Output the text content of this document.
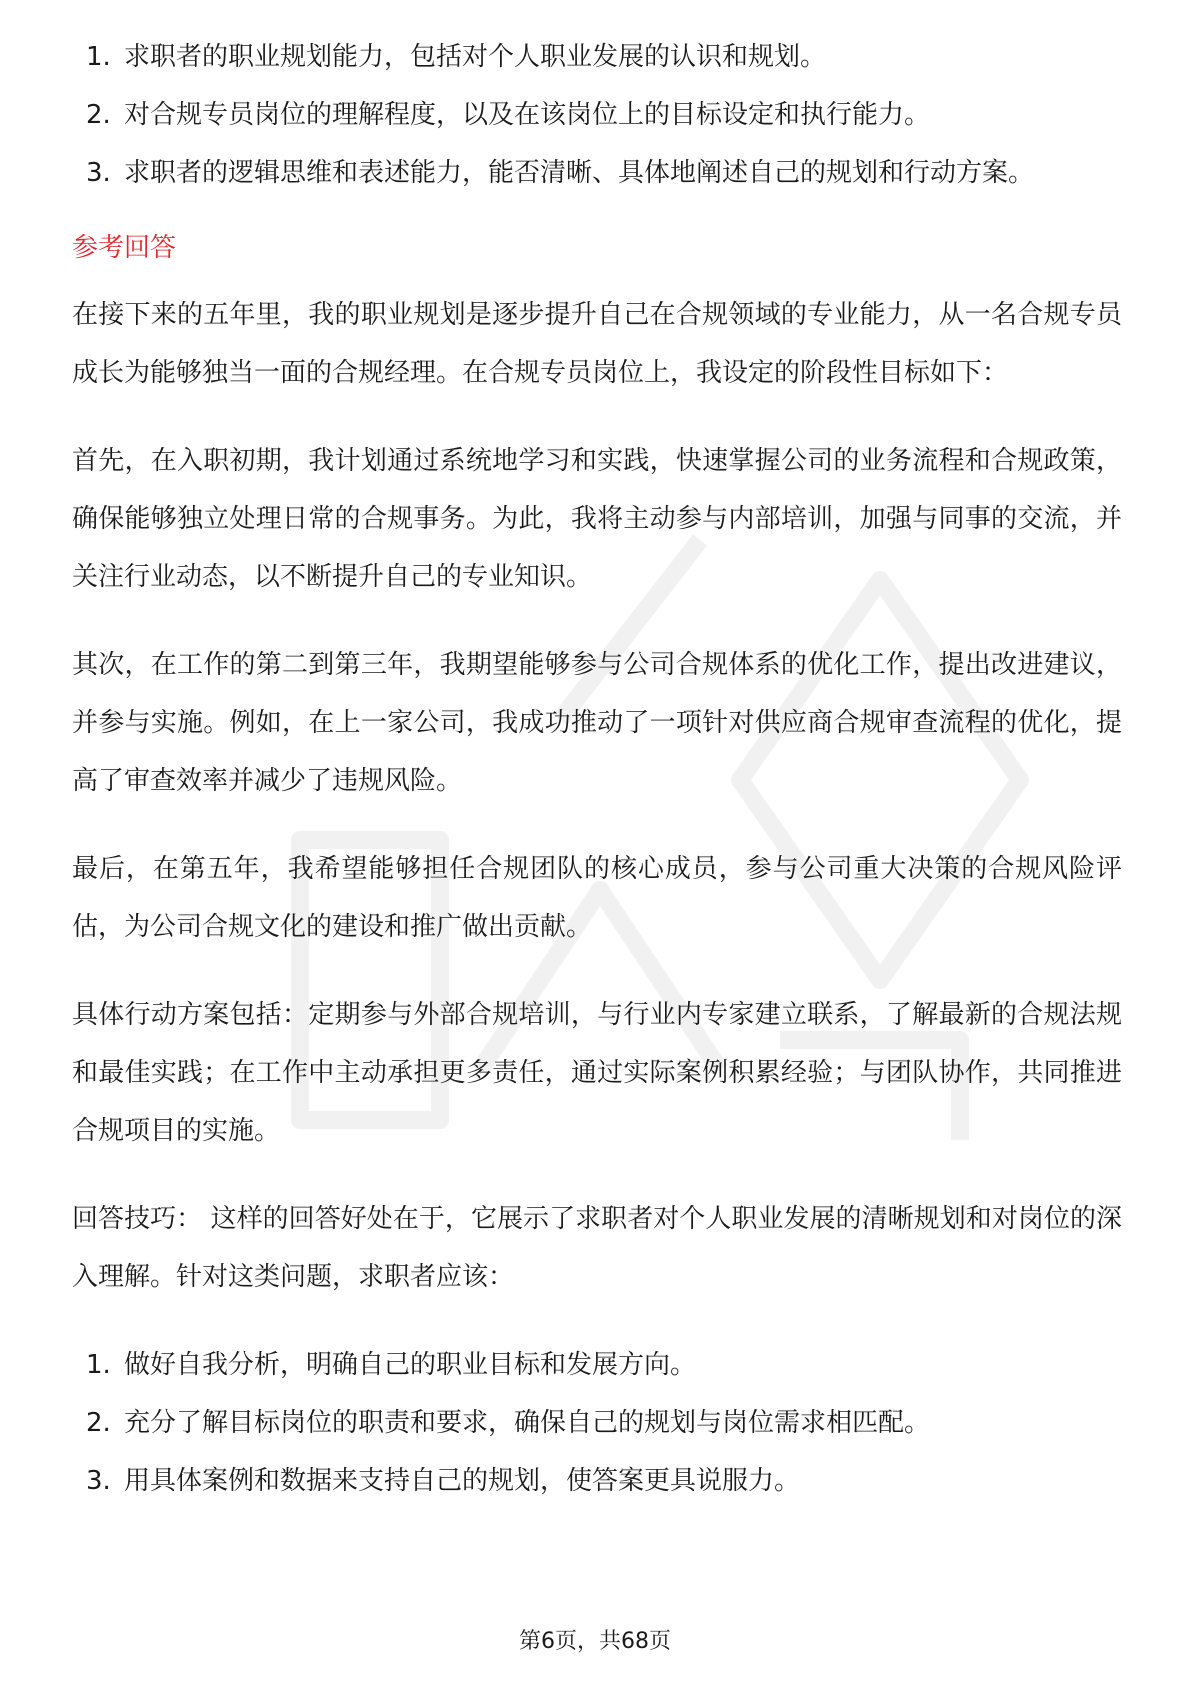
1. 求职者的职业规划能力，包括对个人职业发展的认识和规划。
2. 对合规专员岗位的理解程度，以及在该岗位上的目标设定和执行能力。
3. 求职者的逻辑思维和表述能力，能否清晰、具体地阐述自己的规划和行动方案。
参考回答

在接下来的五年里，我的职业规划是逐步提升自己在合规领域的专业能力，从一名合规专员成长为能够独当一面的合规经理。在合规专员岗位上，我设定的阶段性目标如下：

首先，在入职初期，我计划通过系统地学习和实践，快速掌握公司的业务流程和合规政策，确保能够独立处理日常的合规事务。为此，我将主动参与内部培训，加强与同事的交流，并关注行业动态，以不断提升自己的专业知识。

其次，在工作的第二到第三年，我期望能够参与公司合规体系的优化工作，提出改进建议，并参与实施。例如，在上一家公司，我成功推动了一项针对供应商合规审查流程的优化，提高了审查效率并减少了违规风险。

最后，在第五年，我希望能够担任合规团队的核心成员，参与公司重大决策的合规风险评估，为公司合规文化的建设和推广做出贡献。

具体行动方案包括：定期参与外部合规培训，与行业内专家建立联系，了解最新的合规法规和最佳实践；在工作中主动承担更多责任，通过实际案例积累经验；与团队协作，共同推进合规项目的实施。

回答技巧： 这样的回答好处在于，它展示了求职者对个人职业发展的清晰规划和对岗位的深入理解。针对这类问题，求职者应该：

1. 做好自我分析，明确自己的职业目标和发展方向。
2. 充分了解目标岗位的职责和要求，确保自己的规划与岗位需求相匹配。
3. 用具体案例和数据来支持自己的规划，使答案更具说服力。
第6页，共68页
